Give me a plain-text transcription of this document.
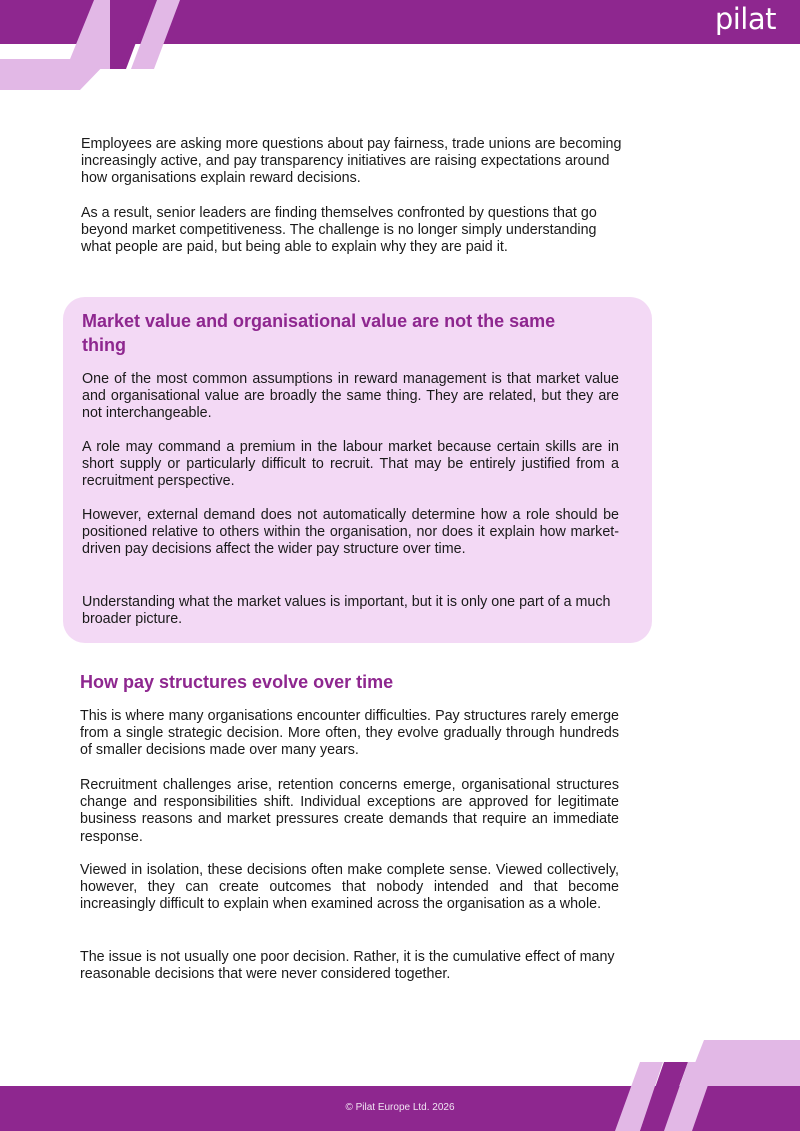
pilat

Employees are asking more questions about pay fairness, trade unions are becoming increasingly active, and pay transparency initiatives are raising expectations around how organisations explain reward decisions.

As a result, senior leaders are finding themselves confronted by questions that go beyond market competitiveness. The challenge is no longer simply understanding what people are paid, but being able to explain why they are paid it.

Market value and organisational value are not the same thing

One of the most common assumptions in reward management is that market value and organisational value are broadly the same thing. They are related, but they are not interchangeable.

A role may command a premium in the labour market because certain skills are in short supply or particularly difficult to recruit. That may be entirely justified from a recruitment perspective.

However, external demand does not automatically determine how a role should be positioned relative to others within the organisation, nor does it explain how market-driven pay decisions affect the wider pay structure over time.

Understanding what the market values is important, but it is only one part of a much broader picture.

How pay structures evolve over time

This is where many organisations encounter difficulties. Pay structures rarely emerge from a single strategic decision. More often, they evolve gradually through hundreds of smaller decisions made over many years.

Recruitment challenges arise, retention concerns emerge, organisational structures change and responsibilities shift. Individual exceptions are approved for legitimate business reasons and market pressures create demands that require an immediate response.

Viewed in isolation, these decisions often make complete sense. Viewed collectively, however, they can create outcomes that nobody intended and that become increasingly difficult to explain when examined across the organisation as a whole.

The issue is not usually one poor decision. Rather, it is the cumulative effect of many reasonable decisions that were never considered together.

© Pilat Europe Ltd. 2026
